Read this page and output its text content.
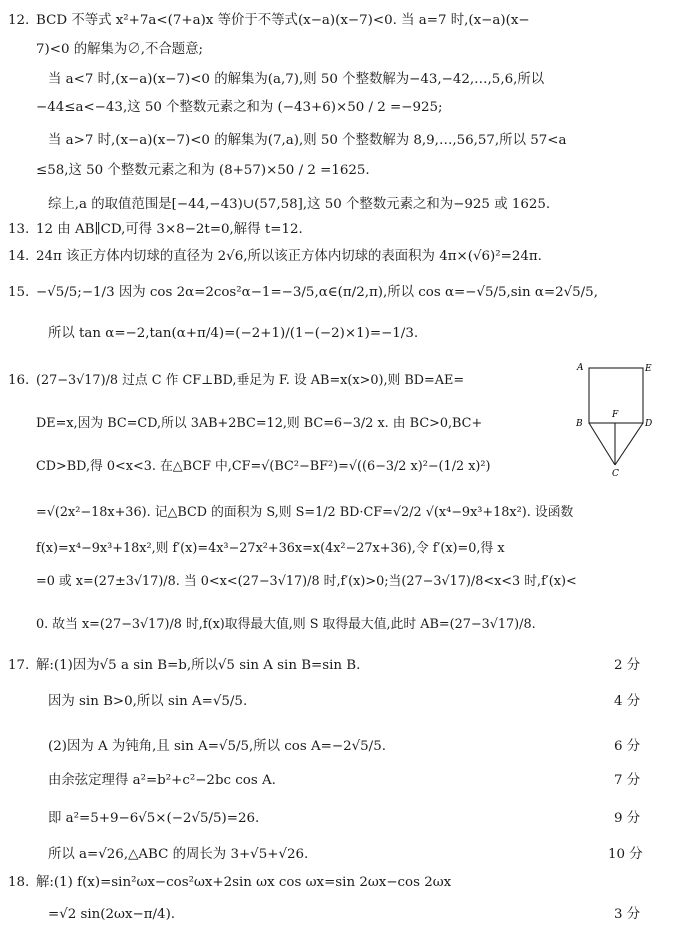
12. BCD 不等式 x²+7a<(7+a)x 等价于不等式(x−a)(x−7)<0. 当 a=7 时,(x−a)(x−
7)<0 的解集为∅,不合题意;
当 a<7 时,(x−a)(x−7)<0 的解集为(a,7),则 50 个整数解为−43,−42,…,5,6,所以
−44≤a<−43,这 50 个整数元素之和为 (−43+6)×50 / 2 =−925;
当 a>7 时,(x−a)(x−7)<0 的解集为(7,a),则 50 个整数解为 8,9,…,56,57,所以 57<a
≤58,这 50 个整数元素之和为 (8+57)×50 / 2 =1625.
综上,a 的取值范围是[−44,−43)∪(57,58],这 50 个整数元素之和为−925 或 1625.
13. 12 由 AB∥CD,可得 3×8−2t=0,解得 t=12.
14. 24π 该正方体内切球的直径为 2√6,所以该正方体内切球的表面积为 4π×(√6)²=24π.
15. −√5/5;−1/3 因为 cos 2α=2cos²α−1=−3/5,α∈(π/2,π),所以 cos α=−√5/5,sin α=2√5/5,
所以 tan α=−2,tan(α+π/4)=(−2+1)/(1−(−2)×1)=−1/3.
16. (27−3√17)/8 过点 C 作 CF⊥BD,垂足为 F. 设 AB=x(x>0),则 BD=AE=
DE=x,因为 BC=CD,所以 3AB+2BC=12,则 BC=6−3/2 x. 由 BC>0,BC+
CD>BD,得 0<x<3. 在△BCF 中,CF=√(BC²−BF²)=√((6−3/2 x)²−(1/2 x)²)
=√(2x²−18x+36). 记△BCD 的面积为 S,则 S=1/2 BD·CF=√2/2 √(x⁴−9x³+18x²). 设函数
f(x)=x⁴−9x³+18x²,则 f′(x)=4x³−27x²+36x=x(4x²−27x+36),令 f′(x)=0,得 x
=0 或 x=(27±3√17)/8. 当 0<x<(27−3√17)/8 时,f′(x)>0;当(27−3√17)/8<x<3 时,f′(x)<
0. 故当 x=(27−3√17)/8 时,f(x)取得最大值,则 S 取得最大值,此时 AB=(27−3√17)/8.
A	E
B
F
D
C
17. 解:(1)因为√5 a sin B=b,所以√5 sin A sin B=sin B.	2 分
因为 sin B>0,所以 sin A=√5/5.	4 分
(2)因为 A 为钝角,且 sin A=√5/5,所以 cos A=−2√5/5.	6 分
由余弦定理得 a²=b²+c²−2bc cos A.	7 分
即 a²=5+9−6√5×(−2√5/5)=26.	9 分
所以 a=√26,△ABC 的周长为 3+√5+√26.	10 分
18. 解:(1) f(x)=sin²ωx−cos²ωx+2sin ωx cos ωx=sin 2ωx−cos 2ωx
=√2 sin(2ωx−π/4).	3 分
